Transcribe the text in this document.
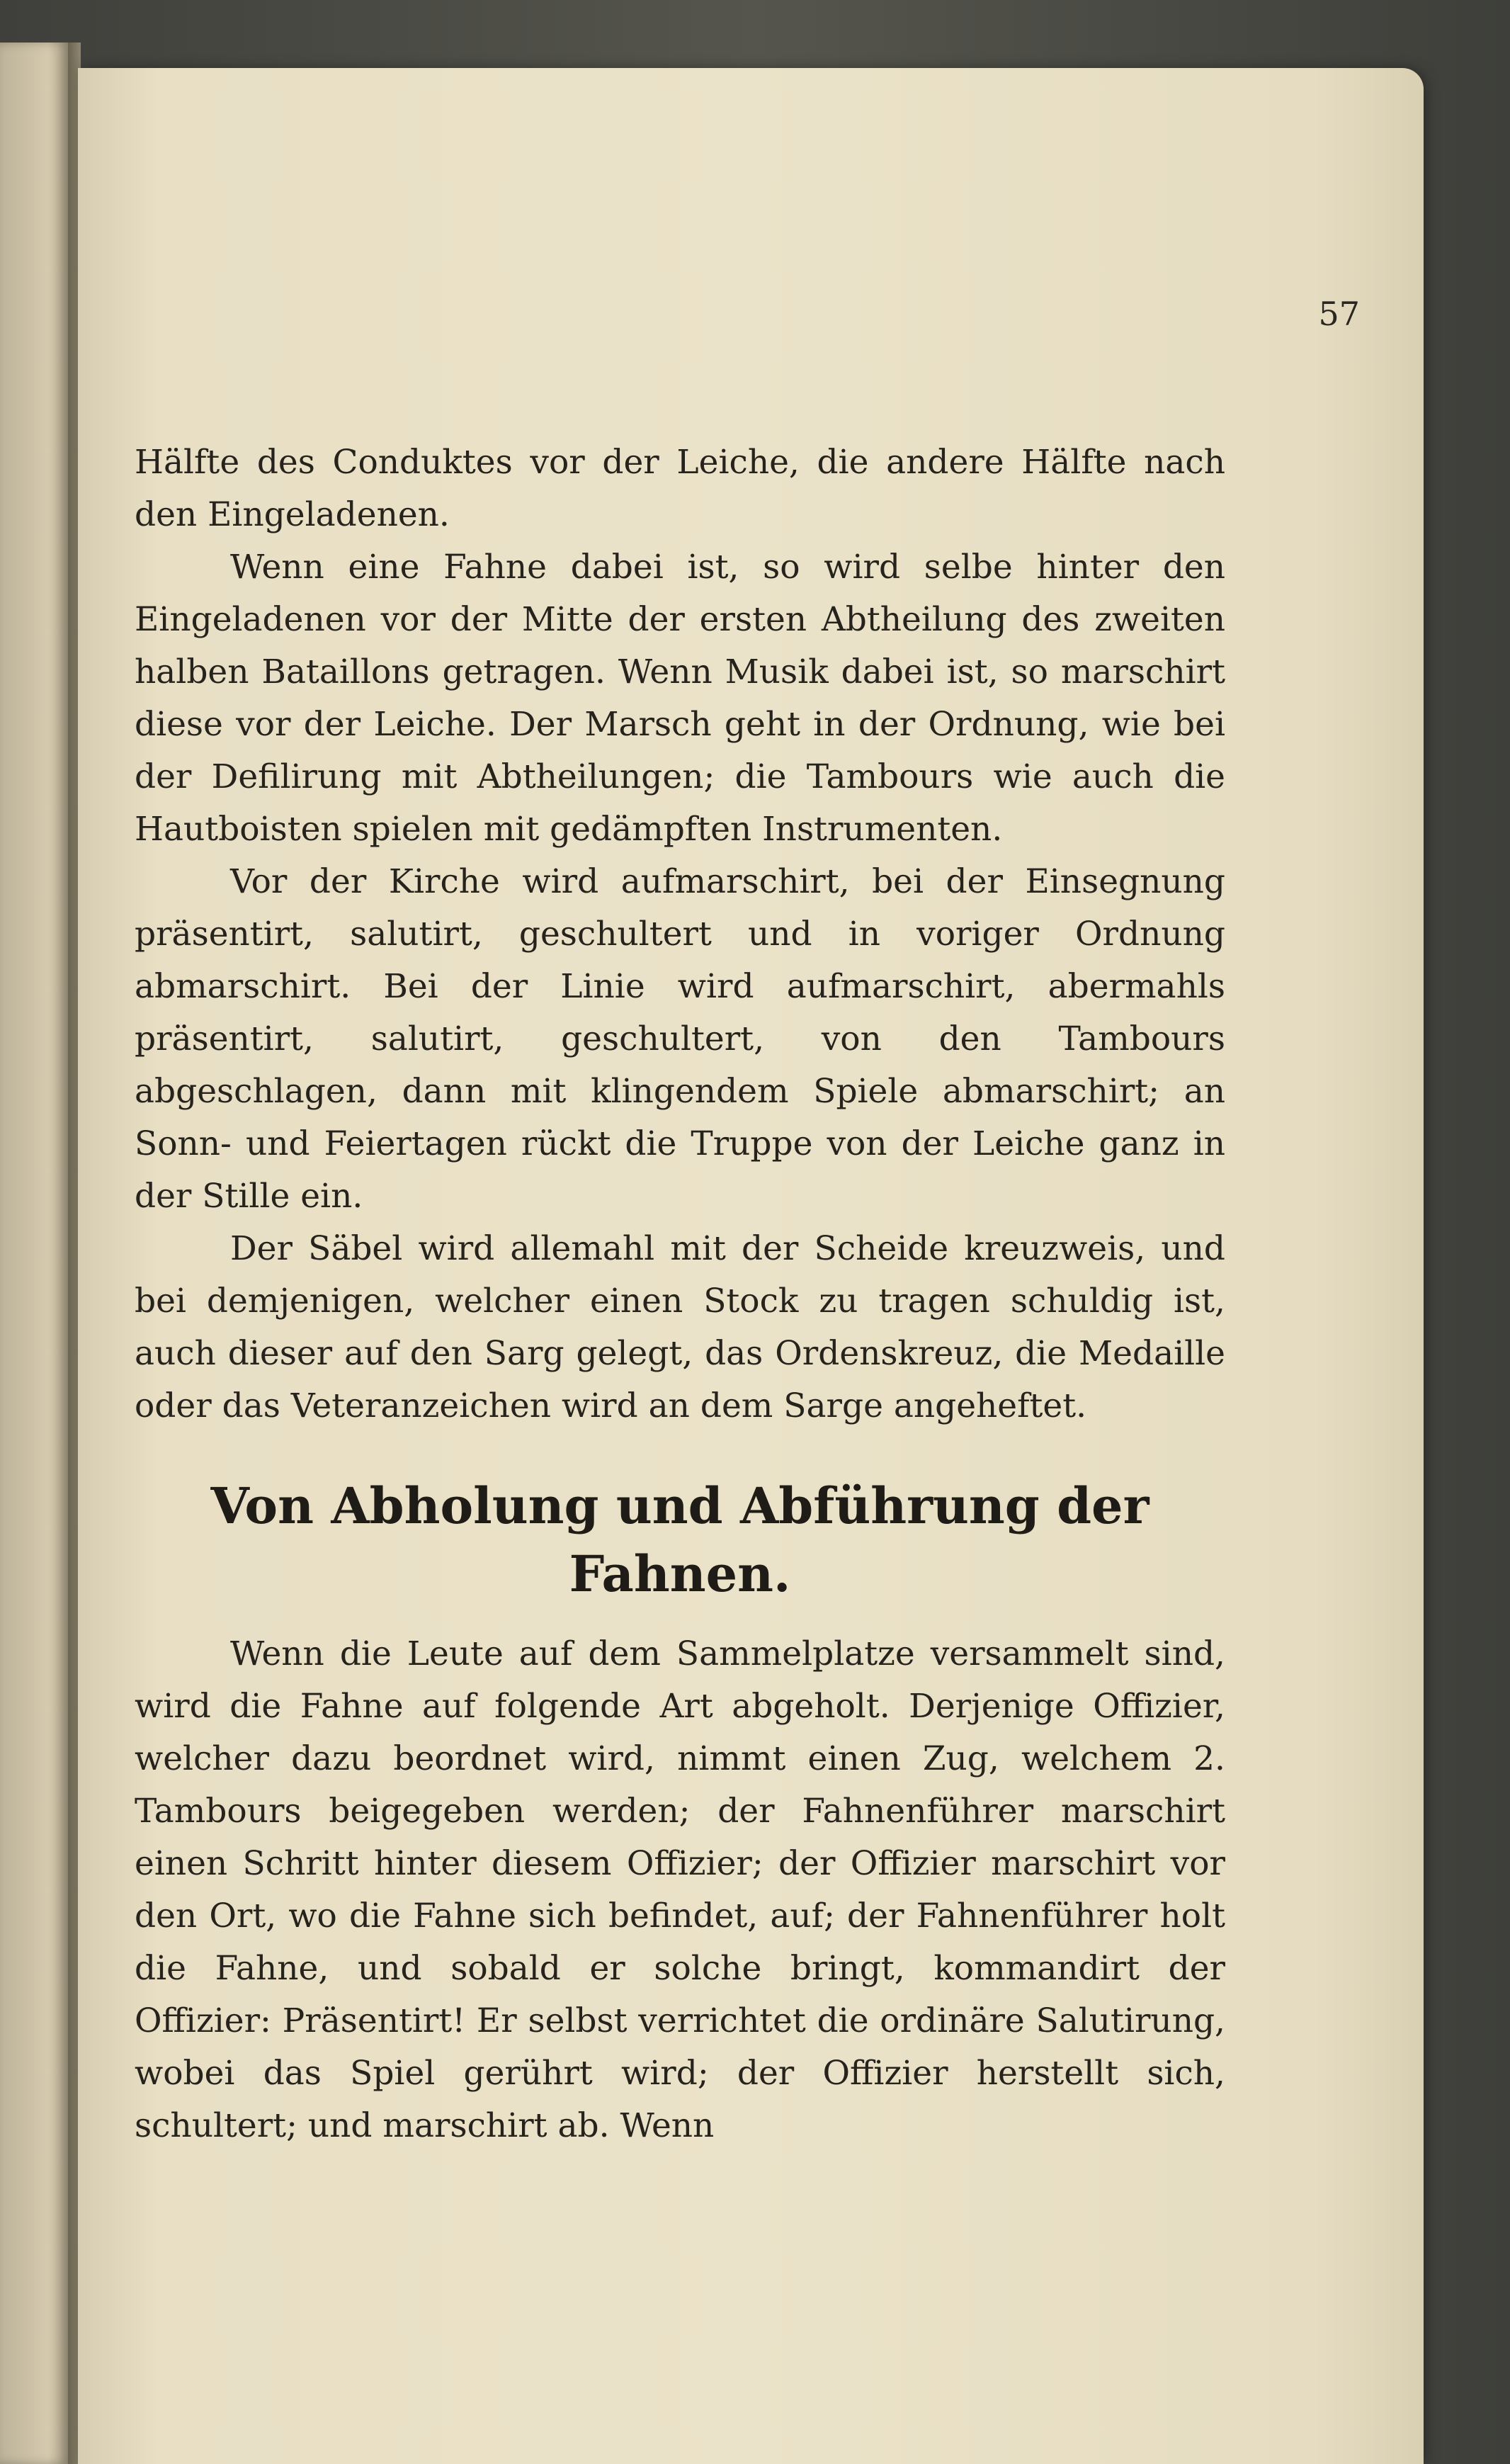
57

Hälfte des Conduktes vor der Leiche, die andere Hälfte nach den Eingeladenen.

Wenn eine Fahne dabei ist, so wird selbe hinter den Eingeladenen vor der Mitte der ersten Abtheilung des zweiten halben Bataillons getragen. Wenn Musik dabei ist, so marschirt diese vor der Leiche. Der Marsch geht in der Ordnung, wie bei der Defilirung mit Abtheilungen; die Tambours wie auch die Hautboisten spielen mit gedämpften Instrumenten.

Vor der Kirche wird aufmarschirt, bei der Einsegnung präsentirt, salutirt, geschultert und in voriger Ordnung abmarschirt. Bei der Linie wird aufmarschirt, abermahls präsentirt, salutirt, geschultert, von den Tambours abgeschlagen, dann mit klingendem Spiele abmarschirt; an Sonn- und Feiertagen rückt die Truppe von der Leiche ganz in der Stille ein.

Der Säbel wird allemahl mit der Scheide kreuzweis, und bei demjenigen, welcher einen Stock zu tragen schuldig ist, auch dieser auf den Sarg gelegt, das Ordenskreuz, die Medaille oder das Veteranzeichen wird an dem Sarge angeheftet.

Von Abholung und Abführung der
Fahnen.

Wenn die Leute auf dem Sammelplatze versammelt sind, wird die Fahne auf folgende Art abgeholt. Derjenige Offizier, welcher dazu beordnet wird, nimmt einen Zug, welchem 2. Tambours beigegeben werden; der Fahnenführer marschirt einen Schritt hinter diesem Offizier; der Offizier marschirt vor den Ort, wo die Fahne sich befindet, auf; der Fahnenführer holt die Fahne, und sobald er solche bringt, kommandirt der Offizier: Präsentirt! Er selbst verrichtet die ordinäre Salutirung, wobei das Spiel gerührt wird; der Offizier herstellt sich, schultert; und marschirt ab. Wenn
